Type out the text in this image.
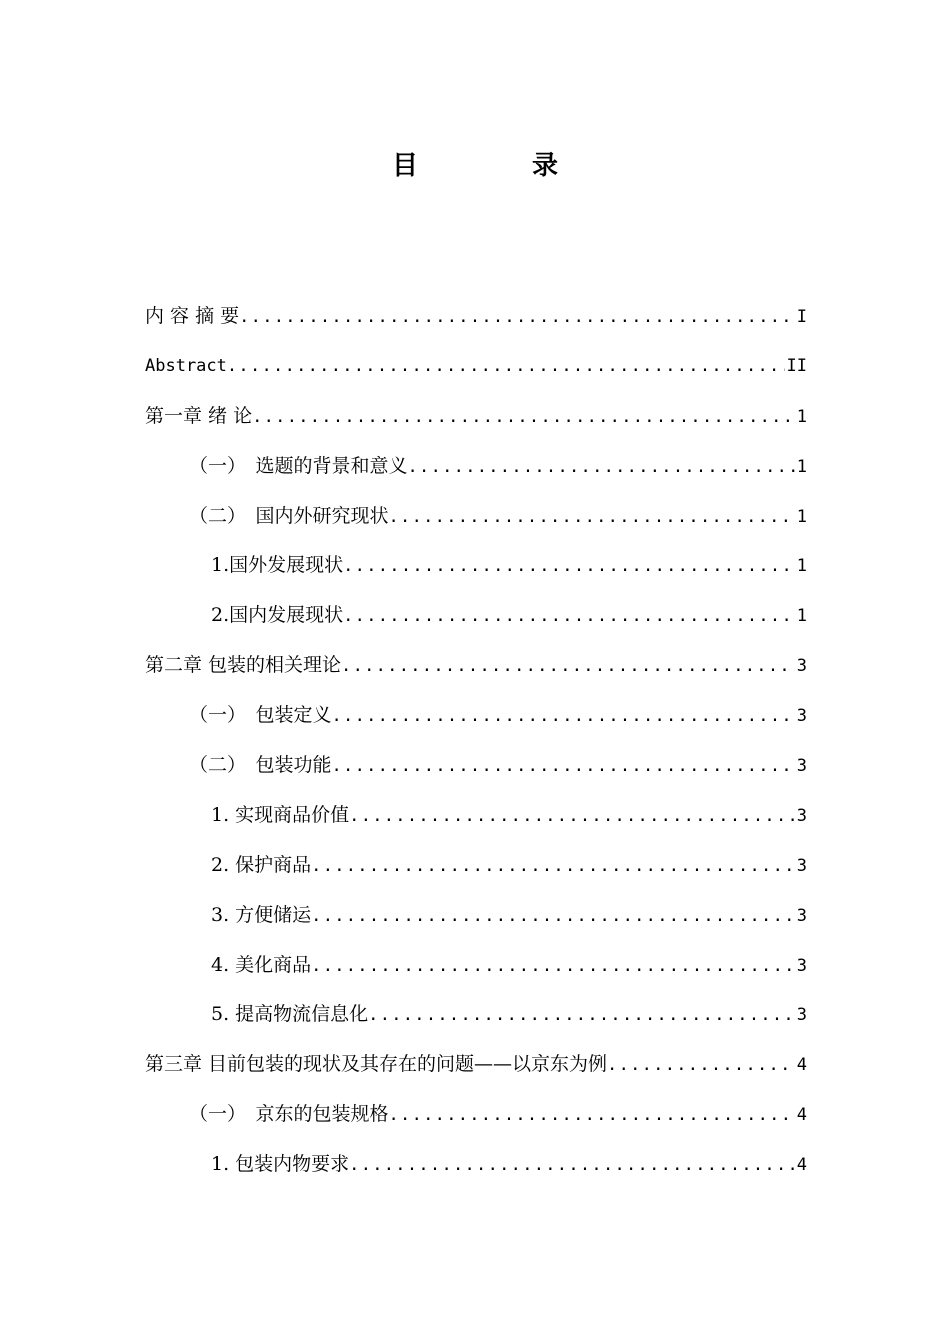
目　录
内 容 摘 要 .....	I
Abstract .....	II
第一章 绪 论 .....	1
（一）　选题的背景和意义 .....	1
（二）　国内外研究现状 .....	1
1.国外发展现状 .....	1
2.国内发展现状 .....	1
第二章 包装的相关理论 .....	3
（一）　包装定义 .....	3
（二）　包装功能 .....	3
1. 实现商品价值 .....	3
2. 保护商品 .....	3
3. 方便储运 .....	3
4. 美化商品 .....	3
5. 提高物流信息化 .....	3
第三章 目前包装的现状及其存在的问题——以京东为例 .....	4
（一）　京东的包装规格 .....	4
1. 包装内物要求 .....	4
